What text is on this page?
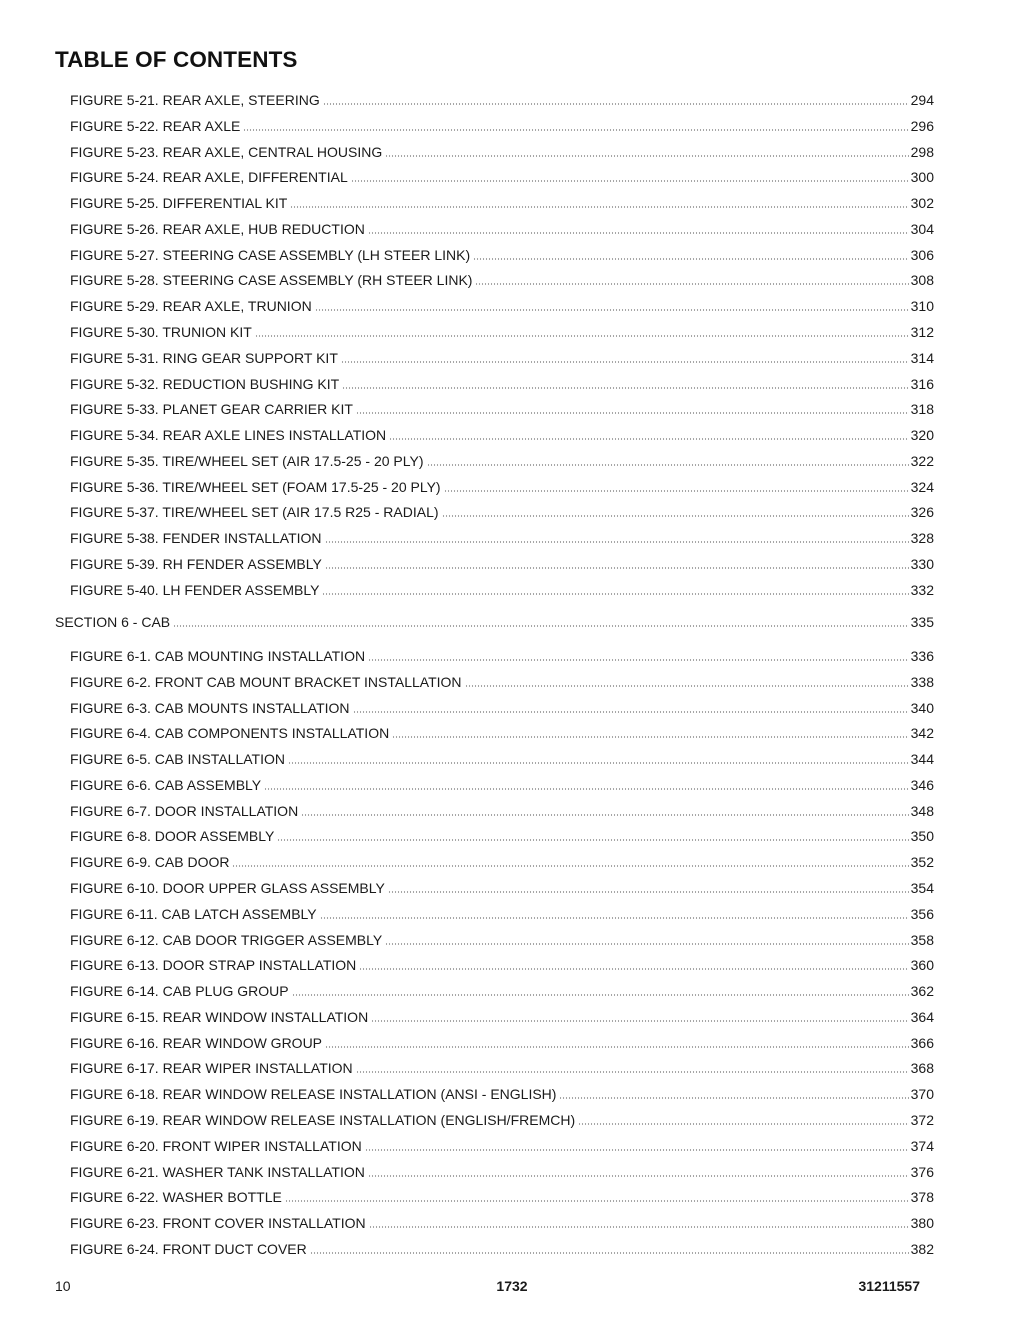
TABLE OF CONTENTS
FIGURE 5-21. REAR AXLE, STEERING	294
FIGURE 5-22. REAR AXLE	296
FIGURE 5-23. REAR AXLE, CENTRAL HOUSING	298
FIGURE 5-24. REAR AXLE, DIFFERENTIAL	300
FIGURE 5-25. DIFFERENTIAL KIT	302
FIGURE 5-26. REAR AXLE, HUB REDUCTION	304
FIGURE 5-27. STEERING CASE ASSEMBLY (LH STEER LINK)	306
FIGURE 5-28. STEERING CASE ASSEMBLY (RH STEER LINK)	308
FIGURE 5-29. REAR AXLE, TRUNION	310
FIGURE 5-30. TRUNION KIT	312
FIGURE 5-31. RING GEAR SUPPORT KIT	314
FIGURE 5-32. REDUCTION BUSHING KIT	316
FIGURE 5-33. PLANET GEAR CARRIER KIT	318
FIGURE 5-34. REAR AXLE LINES INSTALLATION	320
FIGURE 5-35. TIRE/WHEEL SET (AIR 17.5-25 - 20 PLY)	322
FIGURE 5-36. TIRE/WHEEL SET (FOAM 17.5-25 - 20 PLY)	324
FIGURE 5-37. TIRE/WHEEL SET (AIR 17.5 R25 - RADIAL)	326
FIGURE 5-38. FENDER INSTALLATION	328
FIGURE 5-39. RH FENDER ASSEMBLY	330
FIGURE 5-40. LH FENDER ASSEMBLY	332
SECTION 6 - CAB	335
FIGURE 6-1. CAB MOUNTING INSTALLATION	336
FIGURE 6-2. FRONT CAB MOUNT BRACKET INSTALLATION	338
FIGURE 6-3. CAB MOUNTS INSTALLATION	340
FIGURE 6-4. CAB COMPONENTS INSTALLATION	342
FIGURE 6-5. CAB INSTALLATION	344
FIGURE 6-6. CAB ASSEMBLY	346
FIGURE 6-7. DOOR INSTALLATION	348
FIGURE 6-8. DOOR ASSEMBLY	350
FIGURE 6-9. CAB DOOR	352
FIGURE 6-10. DOOR UPPER GLASS ASSEMBLY	354
FIGURE 6-11. CAB LATCH ASSEMBLY	356
FIGURE 6-12. CAB DOOR TRIGGER ASSEMBLY	358
FIGURE 6-13. DOOR STRAP INSTALLATION	360
FIGURE 6-14. CAB PLUG GROUP	362
FIGURE 6-15. REAR WINDOW INSTALLATION	364
FIGURE 6-16. REAR WINDOW GROUP	366
FIGURE 6-17. REAR WIPER INSTALLATION	368
FIGURE 6-18. REAR WINDOW RELEASE INSTALLATION (ANSI - ENGLISH)	370
FIGURE 6-19. REAR WINDOW RELEASE INSTALLATION (ENGLISH/FREMCH)	372
FIGURE 6-20. FRONT WIPER INSTALLATION	374
FIGURE 6-21. WASHER TANK INSTALLATION	376
FIGURE 6-22. WASHER BOTTLE	378
FIGURE 6-23. FRONT COVER INSTALLATION	380
FIGURE 6-24. FRONT DUCT COVER	382
10	1732	31211557
